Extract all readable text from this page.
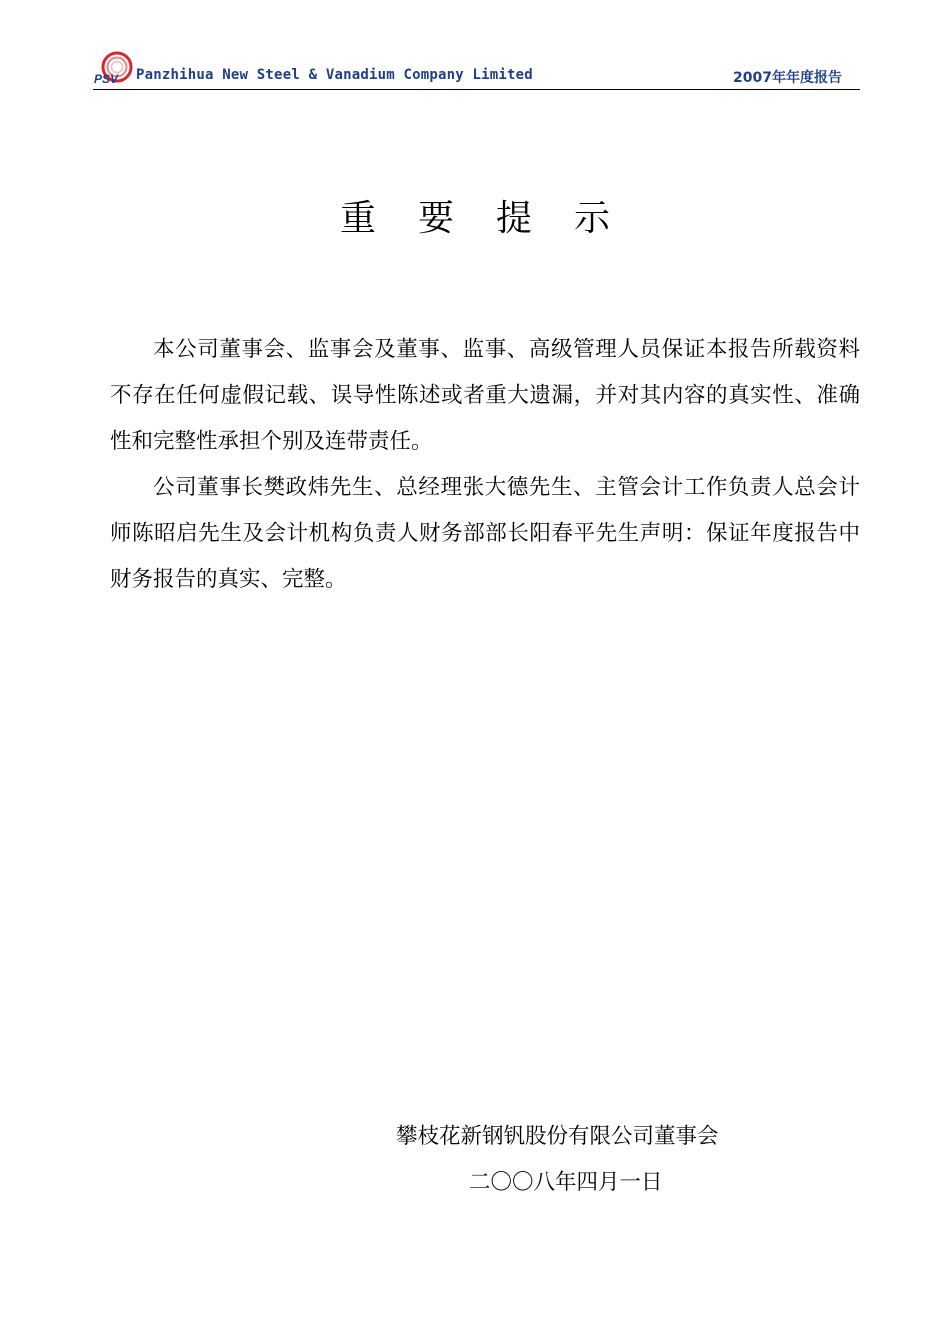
PSV Panzhihua New Steel & Vanadium Company Limited	2007年年度报告
重要提示

本公司董事会、监事会及董事、监事、高级管理人员保证本报告所载资料不存在任何虚假记载、误导性陈述或者重大遗漏，并对其内容的真实性、准确性和完整性承担个别及连带责任。

公司董事长樊政炜先生、总经理张大德先生、主管会计工作负责人总会计师陈昭启先生及会计机构负责人财务部部长阳春平先生声明：保证年度报告中财务报告的真实、完整。

攀枝花新钢钒股份有限公司董事会
二〇〇八年四月一日
